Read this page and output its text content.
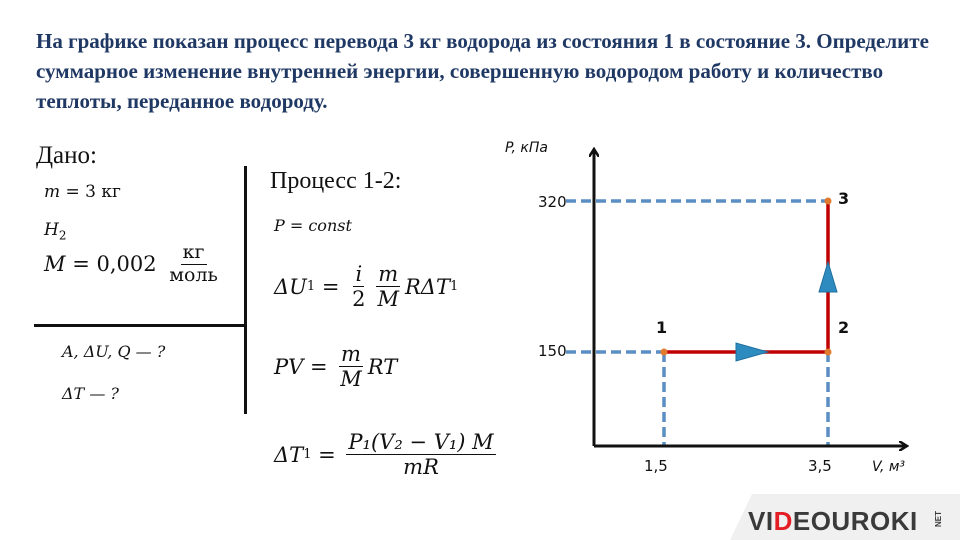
На графике показан процесс перевода 3 кг водорода из состояния 1 в состояние 3. Определите суммарное изменение внутренней энергии, совершенную водородом работу и количество теплоты, переданное водороду.

Дано:
m = 3 кг
$H_2$
$M = 0,002 \frac{кг}{\text{моль}}$
A, ΔU, Q — ?
ΔT — ?
Процесс 1-2:
P = const
ΔU $1 = \frac{i}{2} \frac{m}{M}$ RΔT 1
PV = $\frac{m}{M}$ RT
ΔT $1 = \frac{\text{P₁(V₂ − V₁) M}}{mR}$
P, кПа
V, м³
320
150
1,5	3,5
1	2
3
VIDEOUROKI NET
